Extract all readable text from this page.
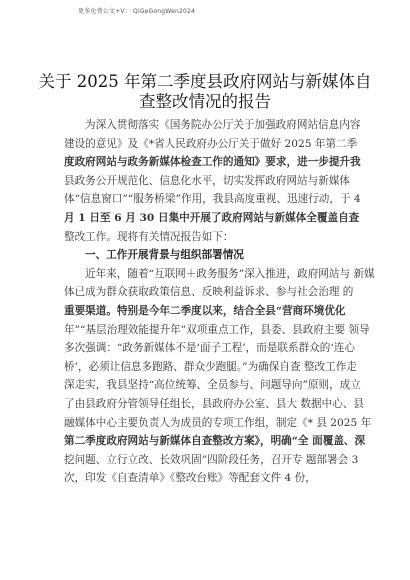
更多免费公文+V： QiGeGongWen2024
关于 2025 年第二季度县政府网站与新媒体自
查整改情况的报告
为深入贯彻落实《国务院办公厅关于加强政府网站信息内容
建设的意见》及《*省人民政府办公厅关于做好 2025 年第二季
度政府网站与政务新媒体检查工作的通知》要求，进一步提升我
县政务公开规范化、信息化水平，切实发挥政府网站与新媒体
体“信息窗口”“服务桥梁”作用，我县高度重视、迅速行动，于 4
月 1 日至 6 月 30 日集中开展了政府网站与新媒体全覆盖自查
整改工作。现将有关情况报告如下：
一、工作开展背景与组织部署情况
近年来，随着“互联网＋政务服务”深入推进，政府网站与 新媒
体已成为群众获取政策信息、反映利益诉求、参与社会治理 的
重要渠道。特别是今年二季度以来，结合全县“营商环境优化
年”“基层治理效能提升年”双项重点工作，县委、县政府主要 领导
多次强调：“政务新媒体不是‘面子工程’，而是联系群众的‘连心
桥’，必须让信息多跑路、群众少跑腿。”为确保自查 整改工作走
深走实，我县坚持“高位统筹、全员参与、问题导向”原则，成立
了由县政府分管领导任组长，县政府办公室、县大 数据中心、县
融媒体中心主要负责人为成员的专项工作组，制定《* 县 2025 年
第二季度政府网站与新媒体自查整改方案》，明确“全 面覆盖、深
挖问题、立行立改、长效巩固”四阶段任务，召开专 题部署会 3
次，印发《自查清单》《整改台账》等配套文件 4 份，
